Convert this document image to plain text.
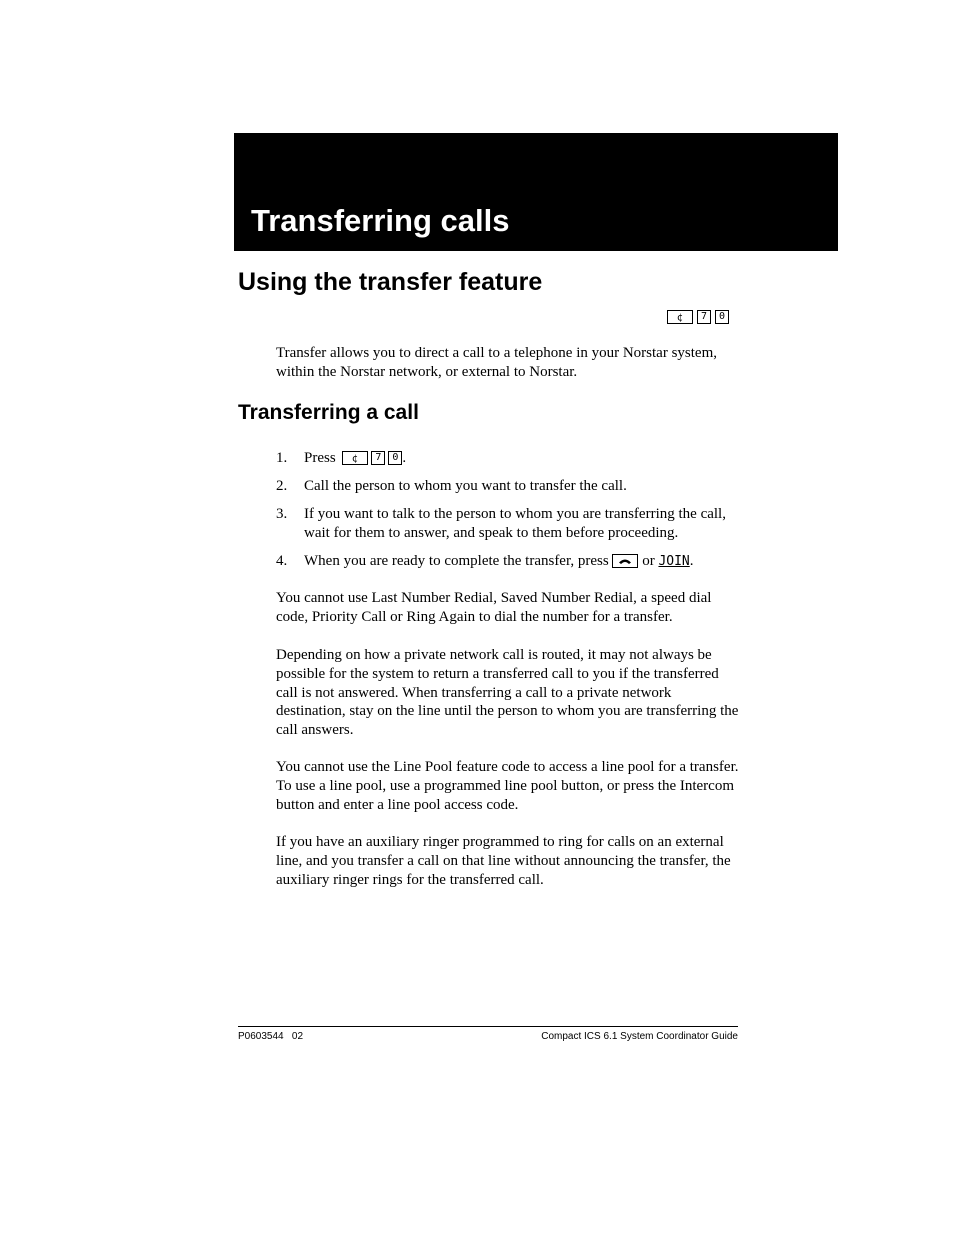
Transferring calls
Using the transfer feature
¢ 7 0

Transfer allows you to direct a call to a telephone in your Norstar system, within the Norstar network, or external to Norstar.

Transferring a call
1. Press ¢ 7 0 .
2. Call the person to whom you want to transfer the call.
3. If you want to talk to the person to whom you are transferring the call, wait for them to answer, and speak to them before proceeding.
4. When you are ready to complete the transfer, press or JOIN.

You cannot use Last Number Redial, Saved Number Redial, a speed dial code, Priority Call or Ring Again to dial the number for a transfer.

Depending on how a private network call is routed, it may not always be possible for the system to return a transferred call to you if the transferred call is not answered. When transferring a call to a private network destination, stay on the line until the person to whom you are transferring the call answers.

You cannot use the Line Pool feature code to access a line pool for a transfer. To use a line pool, use a programmed line pool button, or press the Intercom button and enter a line pool access code.

If you have an auxiliary ringer programmed to ring for calls on an external line, and you transfer a call on that line without announcing the transfer, the auxiliary ringer rings for the transferred call.

P0603544   02	Compact ICS 6.1 System Coordinator Guide
